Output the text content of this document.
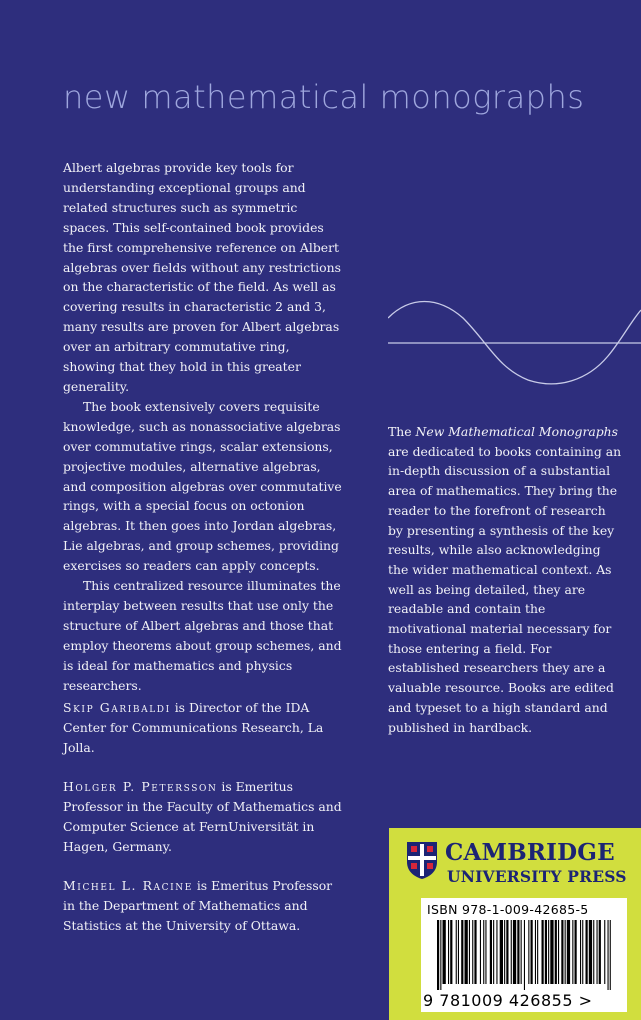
new mathematical monographs

Albert algebras provide key tools for understanding exceptional groups and related structures such as symmetric spaces. This self-contained book provides the first comprehensive reference on Albert algebras over fields without any restrictions on the characteristic of the field. As well as covering results in characteristic 2 and 3, many results are proven for Albert algebras over an arbitrary commutative ring, showing that they hold in this greater generality.

The book extensively covers requisite knowledge, such as nonassociative algebras over commutative rings, scalar extensions, projective modules, alternative algebras, and composition algebras over commutative rings, with a special focus on octonion algebras. It then goes into Jordan algebras, Lie algebras, and group schemes, providing exercises so readers can apply concepts.

This centralized resource illuminates the interplay between results that use only the structure of Albert algebras and those that employ theorems about group schemes, and is ideal for mathematics and physics researchers.

Skip Garibaldi is Director of the IDA Center for Communications Research, La Jolla.
Holger P. Petersson is Emeritus Professor in the Faculty of Mathematics and Computer Science at FernUniversität in Hagen, Germany.
Michel L. Racine is Emeritus Professor in the Department of Mathematics and Statistics at the University of Ottawa.

The New Mathematical Monographs are dedicated to books containing an in-depth discussion of a substantial area of mathematics. They bring the reader to the forefront of research by presenting a synthesis of the key results, while also acknowledging the wider mathematical context. As well as being detailed, they are readable and contain the motivational material necessary for those entering a field. For established researchers they are a valuable resource. Books are edited and typeset to a high standard and published in hardback.

CAMBRIDGE
UNIVERSITY PRESS
ISBN 978-1-009-42685-5
9 781009 426855 >
